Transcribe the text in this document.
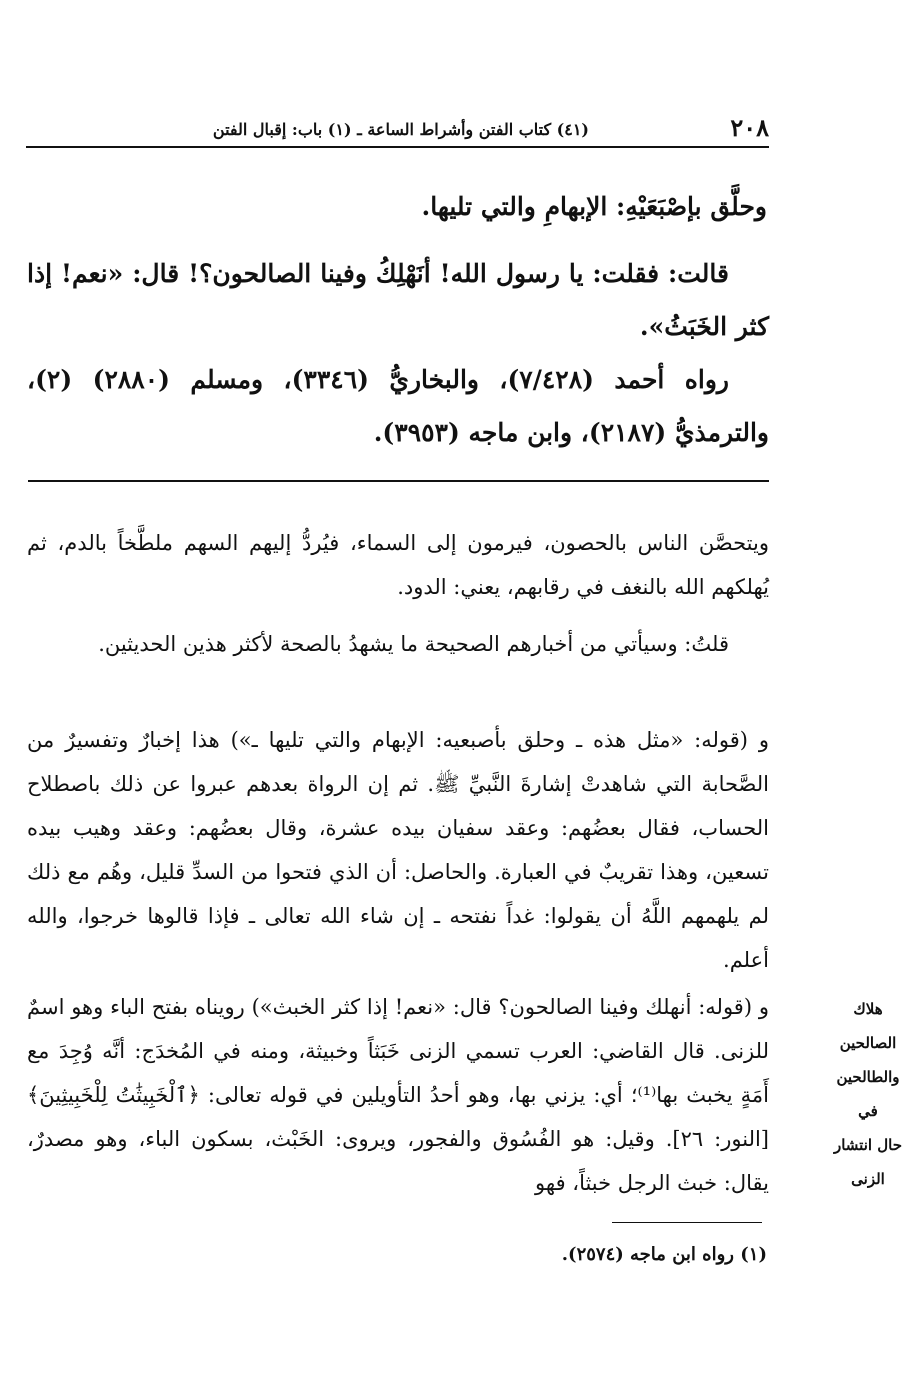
٢٠٨
(٤١) كتاب الفتن وأشراط الساعة ـ (١) باب: إقبال الفتن

وحلَّق بإصْبَعَيْهِ: الإبهامِ والتي تليها.

قالت: فقلت: يا رسول الله! أنَهْلِكُ وفينا الصالحون؟! قال: «نعم! إذا كثر الخَبَثُ».

رواه أحمد (٧/٤٢٨)، والبخاريُّ (٣٣٤٦)، ومسلم (٢٨٨٠) (٢)، والترمذيُّ (٢١٨٧)، وابن ماجه (٣٩٥٣).

ويتحصَّن الناس بالحصون، فيرمون إلى السماء، فيُردُّ إليهم السهم ملطَّخاً بالدم، ثم يُهلكهم الله بالنغف في رقابهم، يعني: الدود.

قلتُ: وسيأتي من أخبارهم الصحيحة ما يشهدُ بالصحة لأكثر هذين الحديثين.

و (قوله: «مثل هذه ـ وحلق بأصبعيه: الإبهام والتي تليها ـ») هذا إخبارٌ وتفسيرٌ من الصَّحابة التي شاهدتْ إشارةَ النَّبيِّ ﷺ. ثم إن الرواة بعدهم عبروا عن ذلك باصطلاح الحساب، فقال بعضُهم: وعقد سفيان بيده عشرة، وقال بعضُهم: وعقد وهيب بيده تسعين، وهذا تقريبٌ في العبارة. والحاصل: أن الذي فتحوا من السدِّ قليل، وهُم مع ذلك لم يلهمهم اللَّهُ أن يقولوا: غداً نفتحه ـ إن شاء الله تعالى ـ فإذا قالوها خرجوا، والله أعلم.

و (قوله: أنهلك وفينا الصالحون؟ قال: «نعم! إذا كثر الخبث») رويناه بفتح الباء وهو اسمٌ للزنى. قال القاضي: العرب تسمي الزنى خَبَثاً وخبيثة، ومنه في المُخدَج: أنَّه وُجِدَ مع أَمَةٍ يخبث بها⁽¹⁾؛ أي: يزني بها، وهو أحدُ التأويلين في قوله تعالى: ﴿ٱلْخَبِيثَٰتُ لِلْخَبِيثِينَ﴾ [النور: ٢٦]. وقيل: هو الفُسُوق والفجور، ويروى: الخَبْث، بسكون الباء، وهو مصدرٌ، يقال: خبث الرجل خبثاً، فهو

هلاك
الصالحين
والطالحين في
حال انتشار
الزنى
(١) رواه ابن ماجه (٢٥٧٤).
